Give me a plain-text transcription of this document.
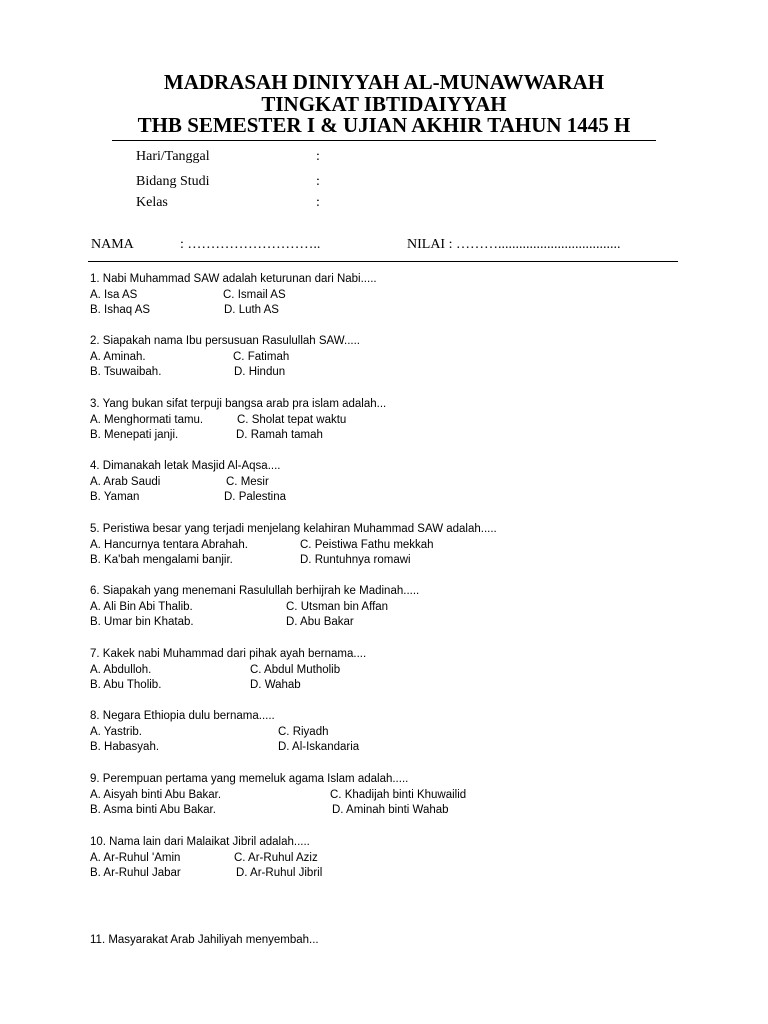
MADRASAH DINIYYAH AL-MUNAWWARAH
TINGKAT IBTIDAIYYAH
THB SEMESTER I & UJIAN AKHIR TAHUN 1445 H
Hari/Tanggal	:
Bidang Studi	:
Kelas	:
NAMA	: ………………………..	NILAI : ………...................................
1. Nabi Muhammad SAW adalah keturunan dari Nabi.....
A. Isa AS	C. Ismail AS
B. Ishaq AS	D. Luth AS
2. Siapakah nama Ibu persusuan Rasulullah SAW.....
A. Aminah.	C. Fatimah
B. Tsuwaibah.	D. Hindun
3. Yang bukan sifat terpuji bangsa arab pra islam adalah...
A. Menghormati tamu.	C. Sholat tepat waktu
B. Menepati janji.	D. Ramah tamah
4. Dimanakah letak Masjid Al-Aqsa....
A. Arab Saudi	C. Mesir
B. Yaman	D. Palestina
5. Peristiwa besar yang terjadi menjelang kelahiran Muhammad SAW adalah.....
A. Hancurnya tentara Abrahah.	C. Peistiwa Fathu mekkah
B. Ka'bah mengalami banjir.	D. Runtuhnya romawi
6. Siapakah yang menemani Rasulullah berhijrah ke Madinah.....
A. Ali Bin Abi Thalib.	C. Utsman bin Affan
B. Umar bin Khatab.	D. Abu Bakar
7. Kakek nabi Muhammad dari pihak ayah bernama....
A. Abdulloh.	C. Abdul Mutholib
B. Abu Tholib.	D. Wahab
8. Negara Ethiopia dulu bernama.....
A. Yastrib.	C. Riyadh
B. Habasyah.	D. Al-Iskandaria
9. Perempuan pertama yang memeluk agama Islam adalah.....
A. Aisyah binti Abu Bakar.	C. Khadijah binti Khuwailid
B. Asma binti Abu Bakar.	D. Aminah binti Wahab
10. Nama lain dari Malaikat Jibril adalah.....
A. Ar-Ruhul 'Amin	C. Ar-Ruhul Aziz
B. Ar-Ruhul Jabar	D. Ar-Ruhul Jibril
11. Masyarakat Arab Jahiliyah menyembah...
